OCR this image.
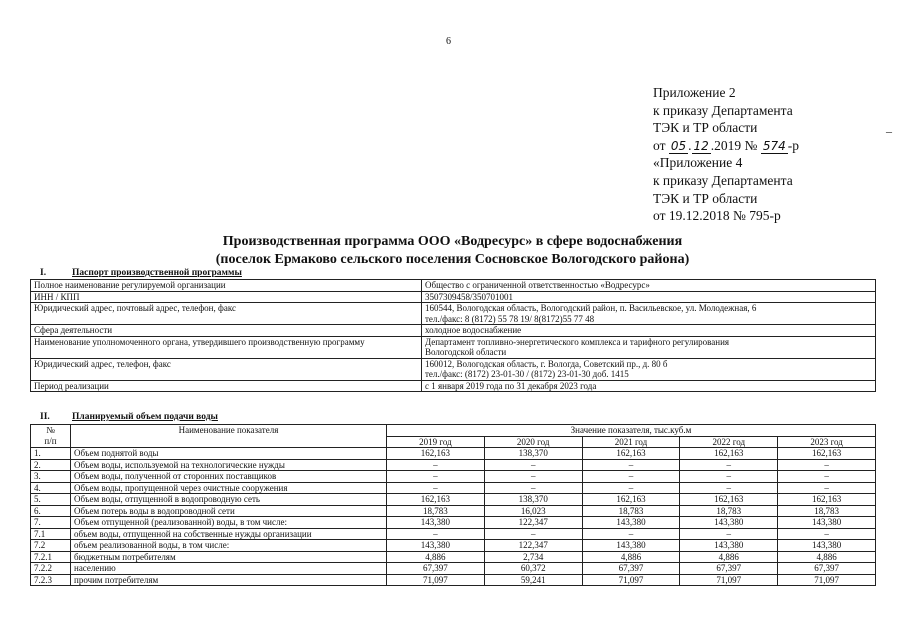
6
Приложение 2
к приказу Департамента
ТЭК и ТР области
от 05 . 12 .2019 № 574 -р
«Приложение 4
к приказу Департамента
ТЭК и ТР области
от 19.12.2018 № 795-р
–
Производственная программа ООО «Водресурс» в сфере водоснабжения
(поселок Ермаково сельского поселения Сосновское Вологодского района)
I.	Паспорт производственной программы
Полное наименование регулируемой организации	Общество с ограниченной ответственностью «Водресурс»

ИНН / КПП	3507309458/350701001

Юридический адрес, почтовый адрес, телефон, факс	160544, Вологодская область, Вологодский район, п. Васильевское, ул. Молодежная, 6
тел./факс: 8 (8172) 55 78 19/ 8(8172)55 77 48

Сфера деятельности	холодное водоснабжение

Наименование уполномоченного органа, утвердившего производственную программу	Департамент топливно-энергетического комплекса и тарифного регулирования
Вологодской области

Юридический адрес, телефон, факс	160012, Вологодская область, г. Вологда, Советский пр., д. 80 б
тел./факс: (8172) 23-01-30 / (8172) 23-01-30 доб. 1415

Период реализации	с 1 января 2019 года по 31 декабря 2023 года
II. Планируемый объем подачи воды
№
п/п	Наименование показателя	Значение показателя, тыс.куб.м				
		2019 год	2020 год	2021 год	2022 год	2023 год
1.	Объем поднятой воды	162,163	138,370	162,163	162,163	162,163
2.	Объем воды, используемой на технологические нужды	–	–	–	–	–
3.	Объем воды, полученной от сторонних поставщиков	–	–	–	–	–
4.	Объем воды, пропущенной через очистные сооружения	–	–	–	–	–
5.	Объем воды, отпущенной в водопроводную сеть	162,163	138,370	162,163	162,163	162,163
6.	Объем потерь воды в водопроводной сети	18,783	16,023	18,783	18,783	18,783
7.	Объем отпущенной (реализованной) воды, в том числе:	143,380	122,347	143,380	143,380	143,380
7.1	объем воды, отпущенной на собственные нужды организации	–	–	–	–	–
7.2	объем реализованной воды, в том числе:	143,380	122,347	143,380	143,380	143,380
7.2.1	бюджетным потребителям	4,886	2,734	4,886	4,886	4,886
7.2.2	населению	67,397	60,372	67,397	67,397	67,397
7.2.3	прочим потребителям	71,097	59,241	71,097	71,097	71,097
